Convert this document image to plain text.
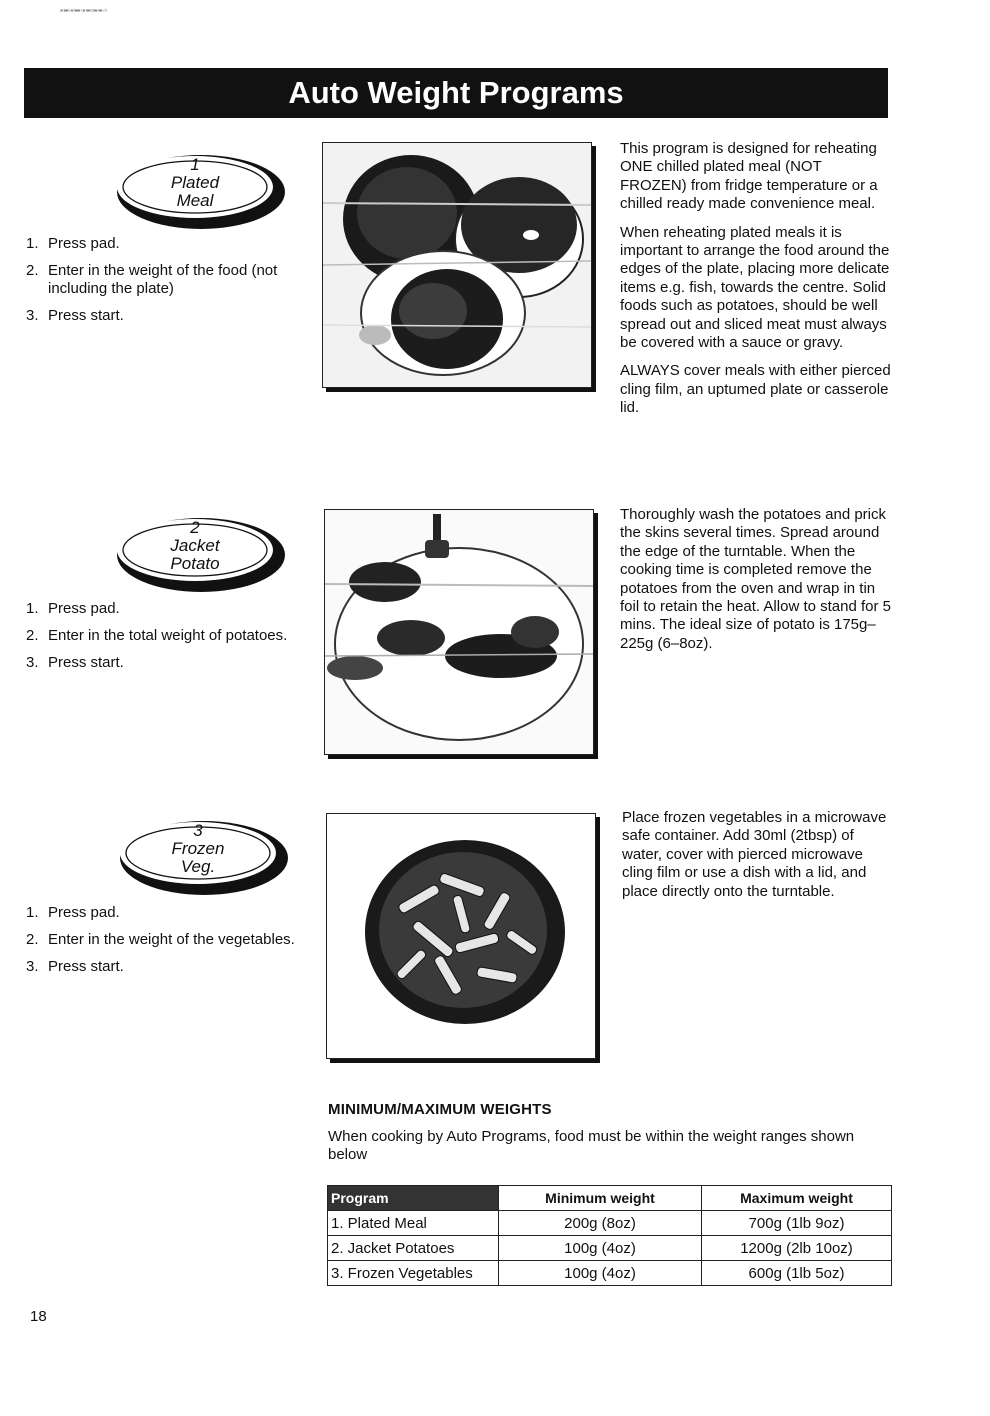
▪▫▪▪▫ ▪▫▪▪▪ ▫▪ ▪▪▫▫▪▪ ▪▪ ▫▫
Auto Weight Programs
1
Plated
Meal
1. Press pad.
2. Enter in the weight of the food (not including the plate)
3. Press start.

This program is designed for reheating ONE chilled plated meal (NOT FROZEN) from fridge temperature or a chilled ready made convenience meal.

When reheating plated meals it is important to arrange the food around the edges of the plate, placing more delicate items e.g. fish, towards the centre. Solid foods such as potatoes, should be well spread out and sliced meat must always be covered with a sauce or gravy.

ALWAYS cover meals with either pierced cling film, an uptumed plate or casserole lid.

2
Jacket
Potato
1. Press pad.
2. Enter in the total weight of potatoes.
3. Press start.

Thoroughly wash the potatoes and prick the skins several times. Spread around the edge of the turntable. When the cooking time is completed remove the potatoes from the oven and wrap in tin foil to retain the heat. Allow to stand for 5 mins. The ideal size of potato is 175g–225g (6–8oz).

3
Frozen
Veg.
1. Press pad.
2. Enter in the weight of the vegetables.
3. Press start.

Place frozen vegetables in a microwave safe container. Add 30ml (2tbsp) of water, cover with pierced microwave cling film or use a dish with a lid, and place directly onto the turntable.

MINIMUM/MAXIMUM WEIGHTS
When cooking by Auto Programs, food must be within the weight ranges shown below
Program	Minimum weight	Maximum weight
1. Plated Meal	200g (8oz)	700g (1lb 9oz)
2. Jacket Potatoes	100g (4oz)	1200g (2lb 10oz)
3. Frozen Vegetables	100g (4oz)	600g (1lb 5oz)
18
